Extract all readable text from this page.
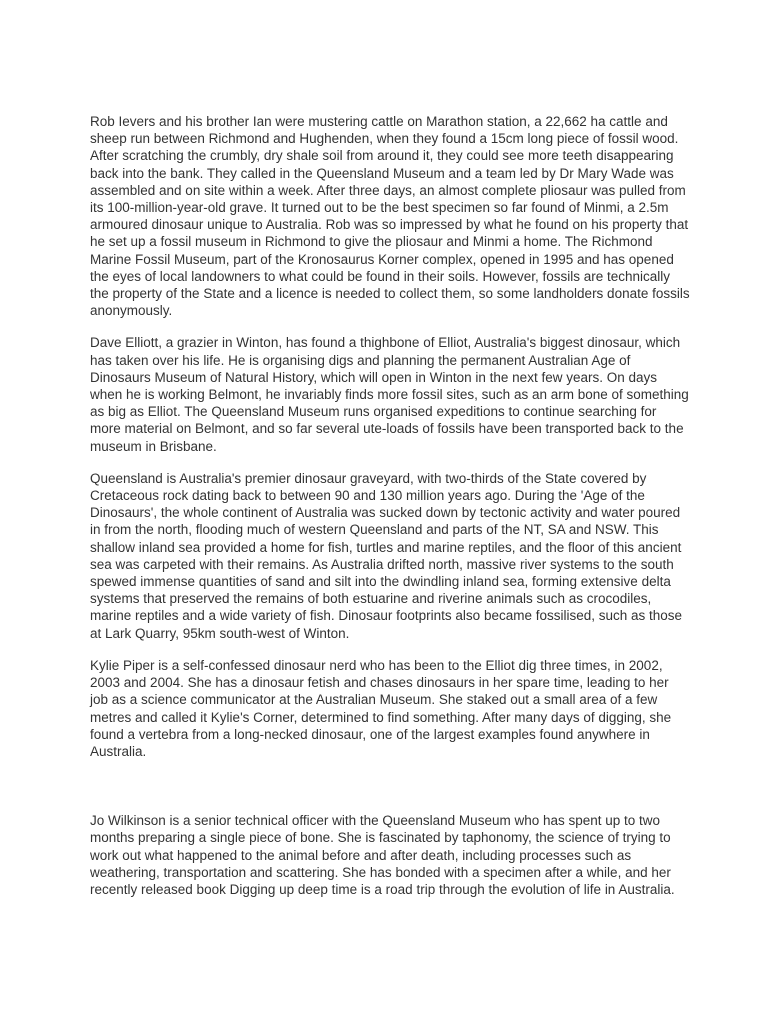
Rob Ievers and his brother Ian were mustering cattle on Marathon station, a 22,662 ha cattle and sheep run between Richmond and Hughenden, when they found a 15cm long piece of fossil wood. After scratching the crumbly, dry shale soil from around it, they could see more teeth disappearing back into the bank. They called in the Queensland Museum and a team led by Dr Mary Wade was assembled and on site within a week. After three days, an almost complete pliosaur was pulled from its 100-million-year-old grave. It turned out to be the best specimen so far found of Minmi, a 2.5m armoured dinosaur unique to Australia. Rob was so impressed by what he found on his property that he set up a fossil museum in Richmond to give the pliosaur and Minmi a home. The Richmond Marine Fossil Museum, part of the Kronosaurus Korner complex, opened in 1995 and has opened the eyes of local landowners to what could be found in their soils. However, fossils are technically the property of the State and a licence is needed to collect them, so some landholders donate fossils anonymously.

Dave Elliott, a grazier in Winton, has found a thighbone of Elliot, Australia's biggest dinosaur, which has taken over his life. He is organising digs and planning the permanent Australian Age of Dinosaurs Museum of Natural History, which will open in Winton in the next few years. On days when he is working Belmont, he invariably finds more fossil sites, such as an arm bone of something as big as Elliot. The Queensland Museum runs organised expeditions to continue searching for more material on Belmont, and so far several ute-loads of fossils have been transported back to the museum in Brisbane.

Queensland is Australia's premier dinosaur graveyard, with two-thirds of the State covered by Cretaceous rock dating back to between 90 and 130 million years ago. During the 'Age of the Dinosaurs', the whole continent of Australia was sucked down by tectonic activity and water poured in from the north, flooding much of western Queensland and parts of the NT, SA and NSW. This shallow inland sea provided a home for fish, turtles and marine reptiles, and the floor of this ancient sea was carpeted with their remains. As Australia drifted north, massive river systems to the south spewed immense quantities of sand and silt into the dwindling inland sea, forming extensive delta systems that preserved the remains of both estuarine and riverine animals such as crocodiles, marine reptiles and a wide variety of fish. Dinosaur footprints also became fossilised, such as those at Lark Quarry, 95km south-west of Winton.

Kylie Piper is a self-confessed dinosaur nerd who has been to the Elliot dig three times, in 2002, 2003 and 2004. She has a dinosaur fetish and chases dinosaurs in her spare time, leading to her job as a science communicator at the Australian Museum. She staked out a small area of a few metres and called it Kylie's Corner, determined to find something. After many days of digging, she found a vertebra from a long-necked dinosaur, one of the largest examples found anywhere in Australia.

Jo Wilkinson is a senior technical officer with the Queensland Museum who has spent up to two months preparing a single piece of bone. She is fascinated by taphonomy, the science of trying to work out what happened to the animal before and after death, including processes such as weathering, transportation and scattering. She has bonded with a specimen after a while, and her recently released book Digging up deep time is a road trip through the evolution of life in Australia.
